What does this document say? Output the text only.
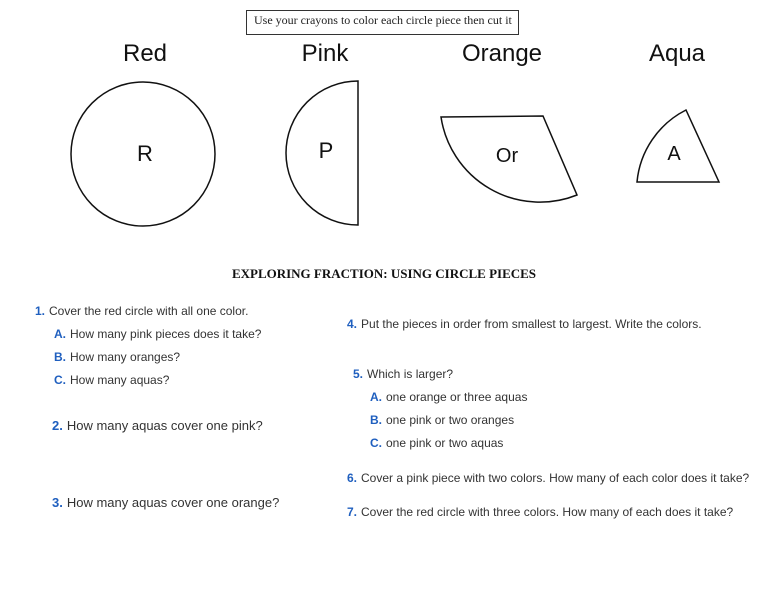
Use your crayons to color each circle piece then cut it
Red	Pink	Orange	Aqua
R	P	Or	A
EXPLORING FRACTION: USING CIRCLE PIECES
1. Cover the red circle with all one color.
A. How many pink pieces does it take?
B. How many oranges?
C. How many aquas?
2. How many aquas cover one pink?
3. How many aquas cover one orange?
4. Put the pieces in order from smallest to largest. Write the colors.
5. Which is larger?
A. one orange or three aquas
B. one pink or two oranges
C. one pink or two aquas
6. Cover a pink piece with two colors. How many of each color does it take?
7. Cover the red circle with three colors. How many of each does it take?
